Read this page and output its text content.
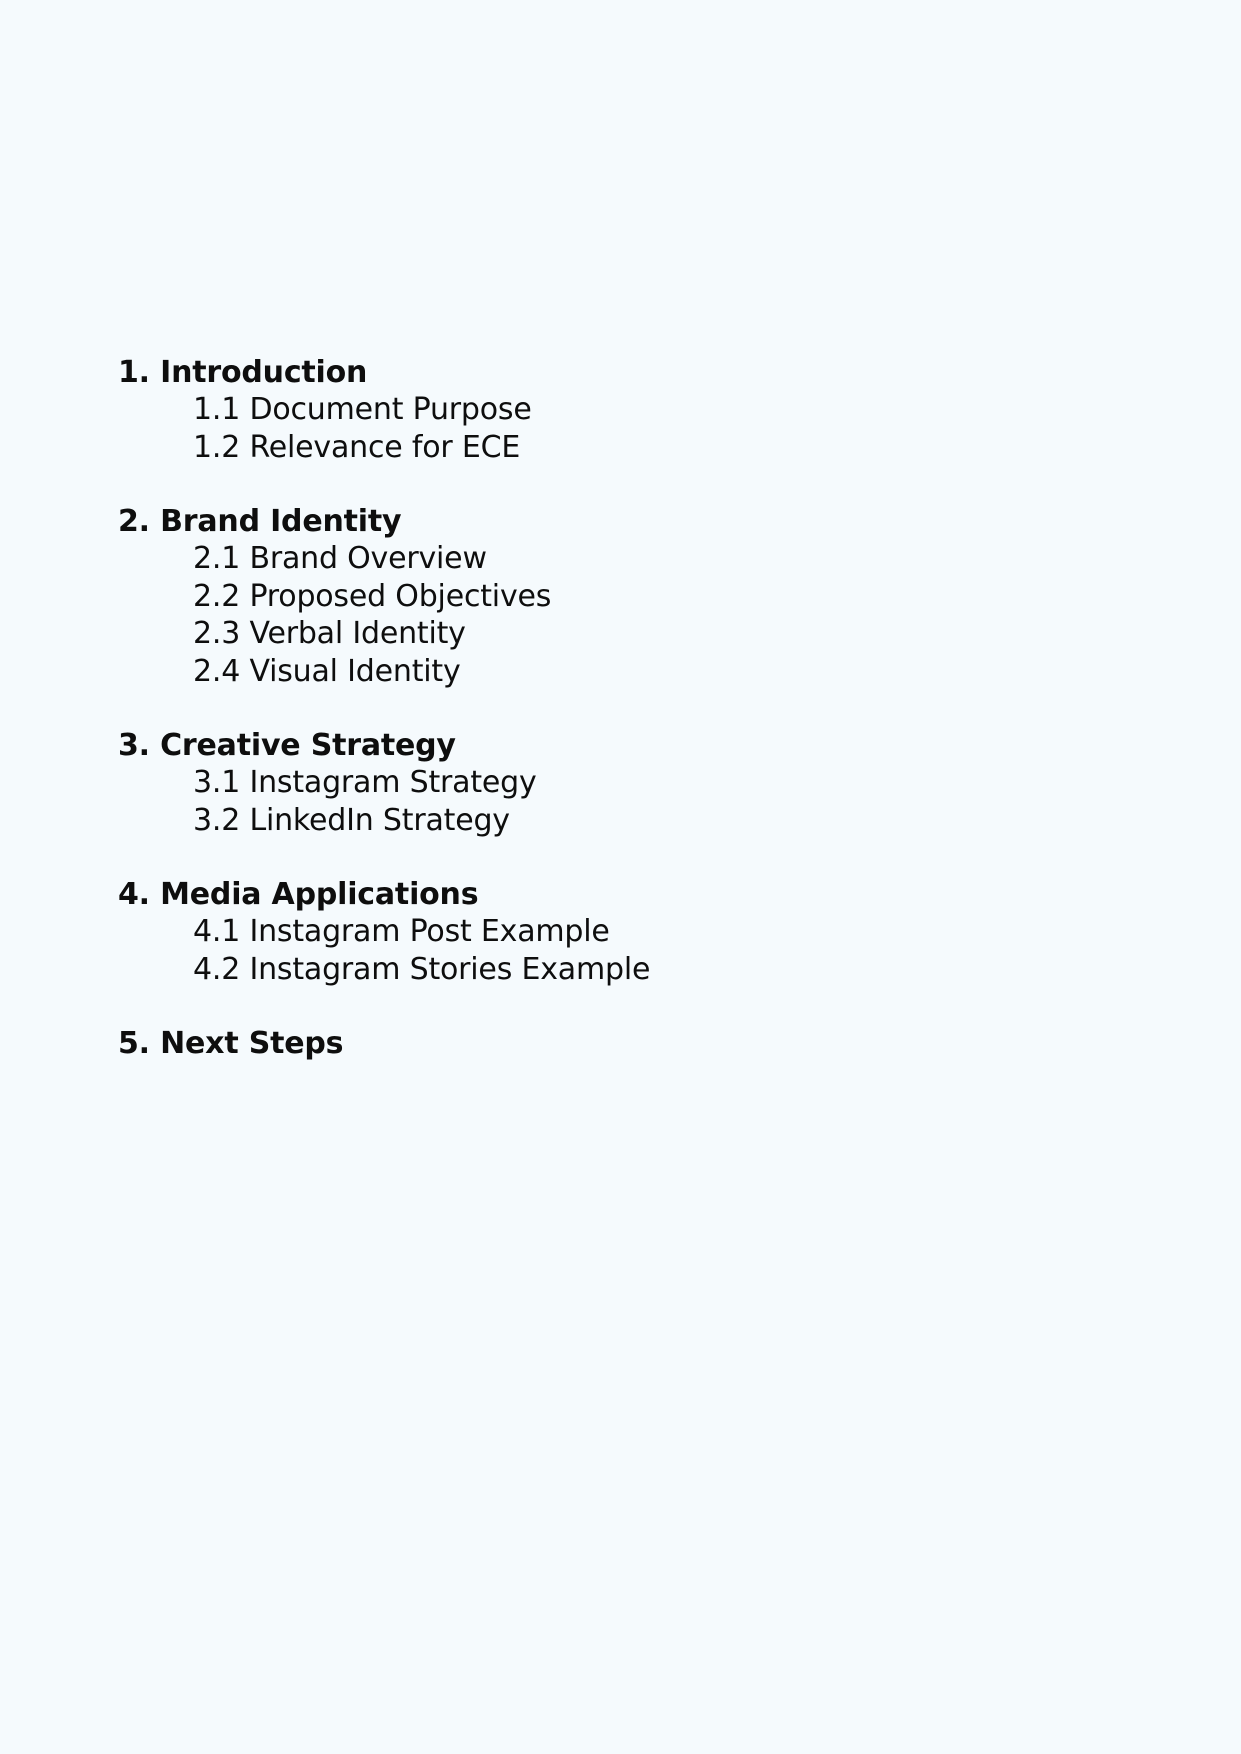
1. Introduction
1.1 Document Purpose
1.2 Relevance for ECE
2. Brand Identity
2.1 Brand Overview
2.2 Proposed Objectives
2.3 Verbal Identity
2.4 Visual Identity
3. Creative Strategy
3.1 Instagram Strategy
3.2 LinkedIn Strategy
4. Media Applications
4.1 Instagram Post Example
4.2 Instagram Stories Example
5. Next Steps
